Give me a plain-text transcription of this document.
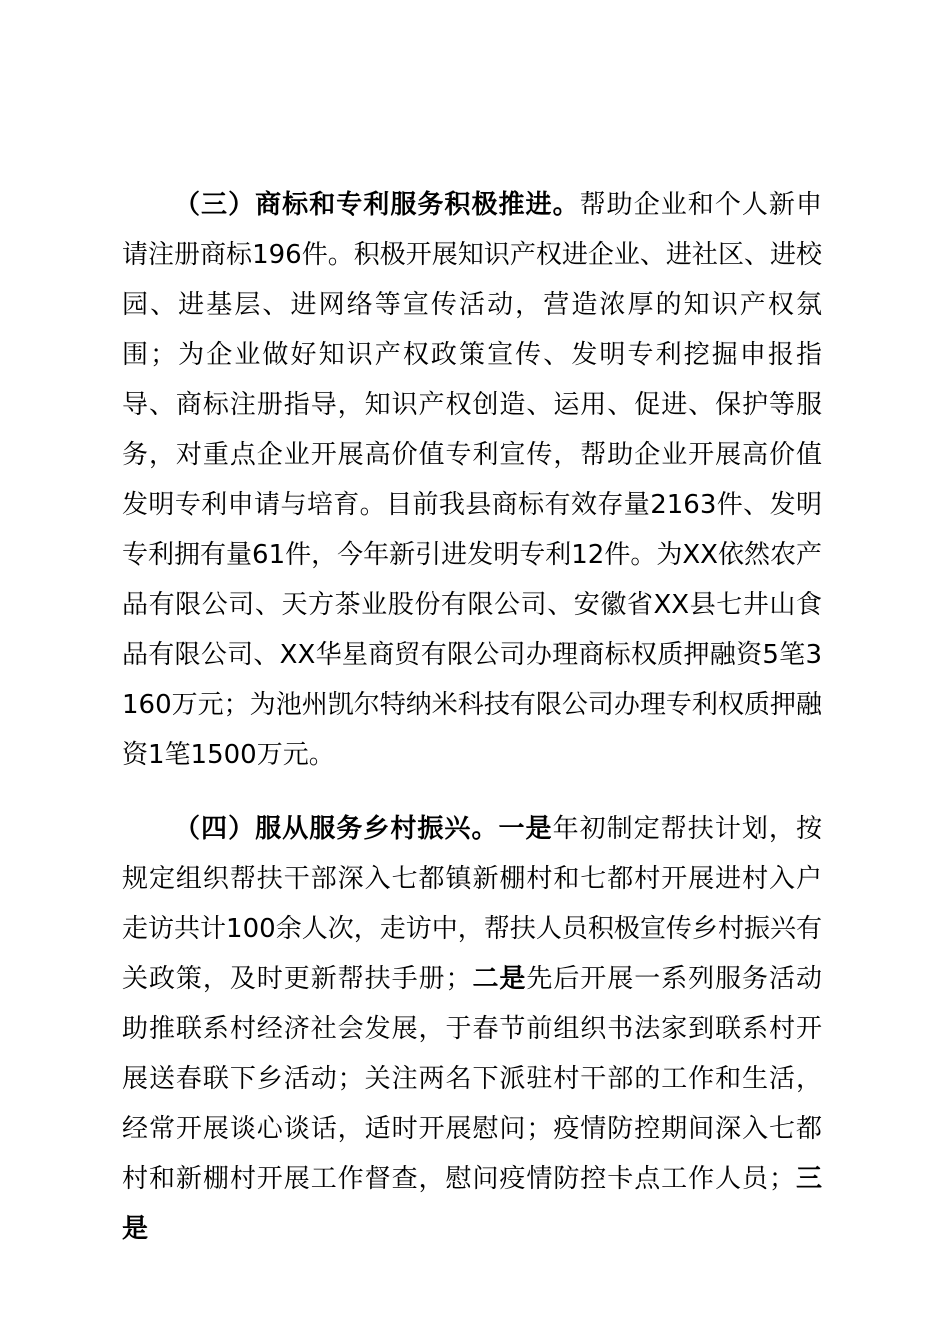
（三）商标和专利服务积极推进。帮助企业和个人新申请注册商标196件。积极开展知识产权进企业、进社区、进校园、进基层、进网络等宣传活动，营造浓厚的知识产权氛围；为企业做好知识产权政策宣传、发明专利挖掘申报指导、商标注册指导，知识产权创造、运用、促进、保护等服务，对重点企业开展高价值专利宣传，帮助企业开展高价值发明专利申请与培育。目前我县商标有效存量2163件、发明专利拥有量61件，今年新引进发明专利12件。为XX依然农产品有限公司、天方茶业股份有限公司、安徽省XX县七井山食品有限公司、XX华星商贸有限公司办理商标权质押融资5笔3160万元；为池州凯尔特纳米科技有限公司办理专利权质押融资1笔1500万元。

（四）服从服务乡村振兴。一是年初制定帮扶计划，按规定组织帮扶干部深入七都镇新棚村和七都村开展进村入户走访共计100余人次，走访中，帮扶人员积极宣传乡村振兴有关政策，及时更新帮扶手册；二是先后开展一系列服务活动助推联系村经济社会发展，于春节前组织书法家到联系村开展送春联下乡活动；关注两名下派驻村干部的工作和生活，经常开展谈心谈话，适时开展慰问；疫情防控期间深入七都村和新棚村开展工作督查，慰问疫情防控卡点工作人员；三是
